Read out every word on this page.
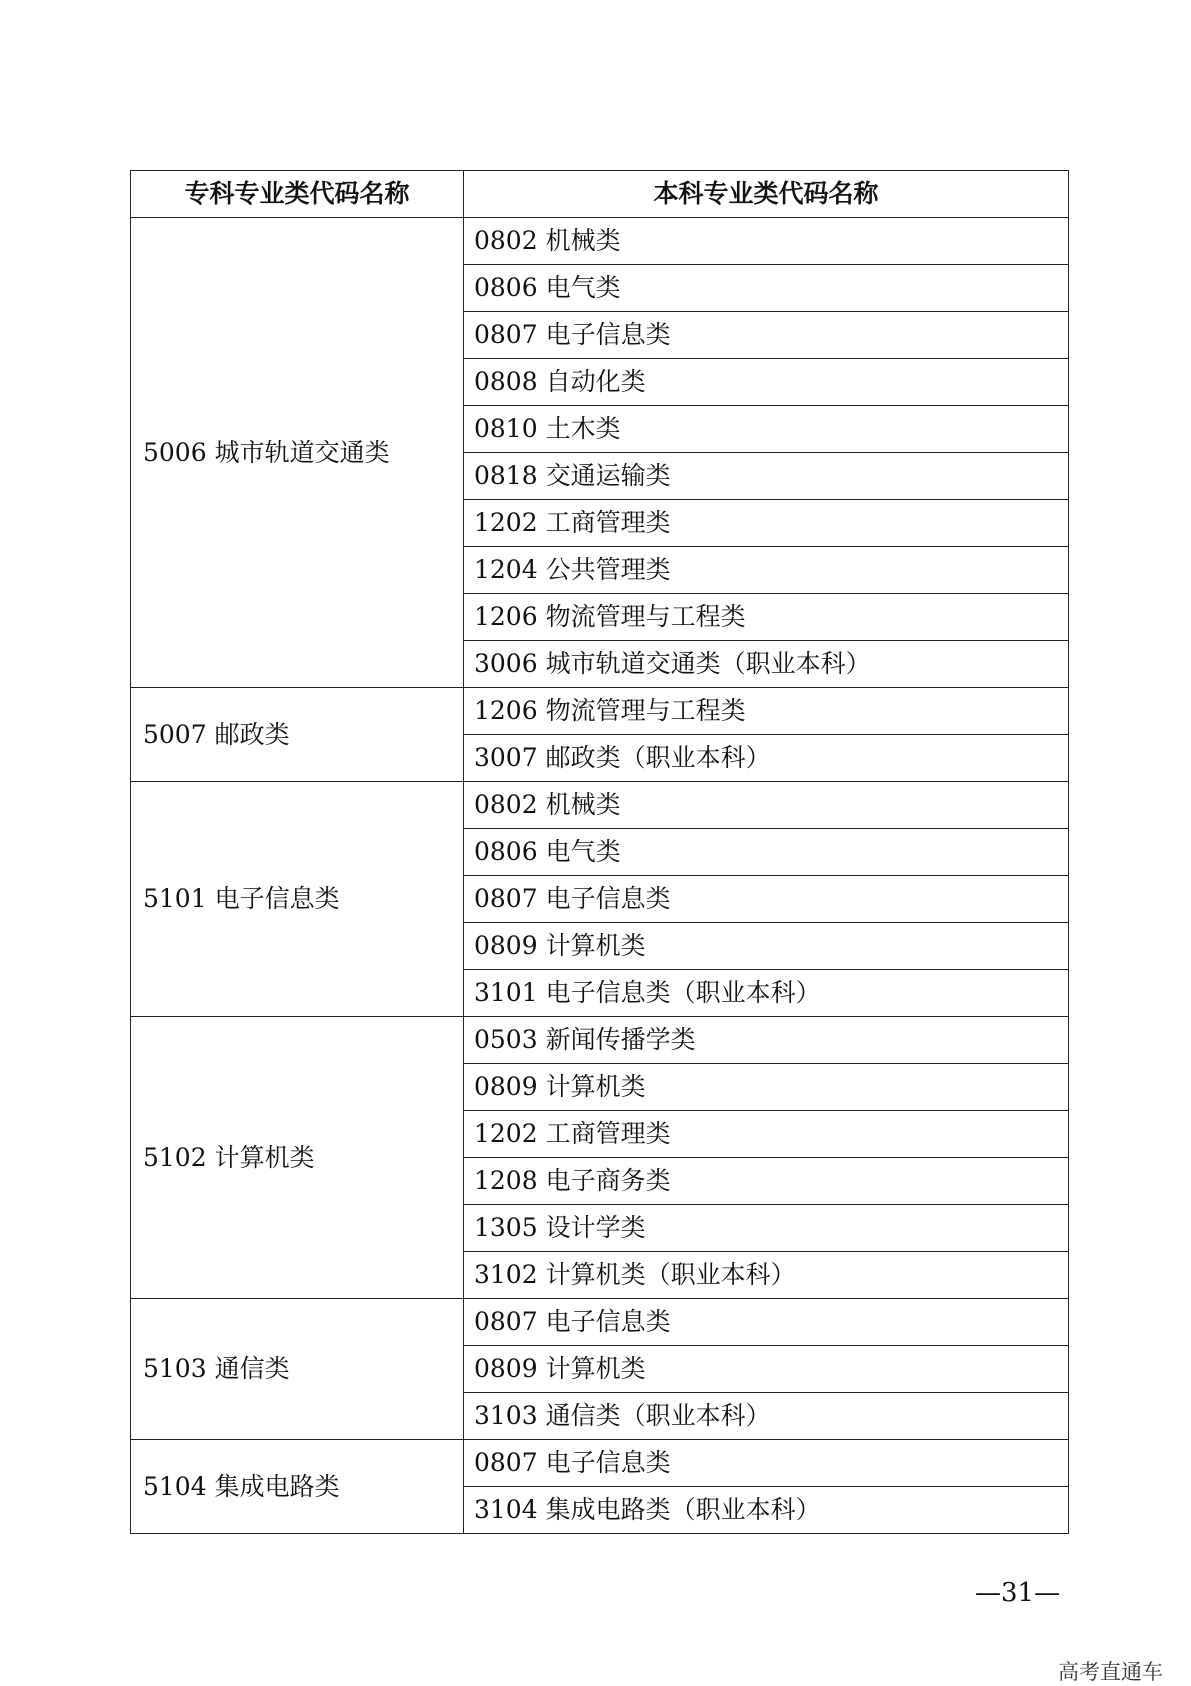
专科专业类代码名称	本科专业类代码名称
5006 城市轨道交通类	0802 机械类
	0806 电气类
	0807 电子信息类
	0808 自动化类
	0810 土木类
	0818 交通运输类
	1202 工商管理类
	1204 公共管理类
	1206 物流管理与工程类
	3006 城市轨道交通类（职业本科）
5007 邮政类	1206 物流管理与工程类
	3007 邮政类（职业本科）
5101 电子信息类	0802 机械类
	0806 电气类
	0807 电子信息类
	0809 计算机类
	3101 电子信息类（职业本科）
5102 计算机类	0503 新闻传播学类
	0809 计算机类
	1202 工商管理类
	1208 电子商务类
	1305 设计学类
	3102 计算机类（职业本科）
5103 通信类	0807 电子信息类
	0809 计算机类
	3103 通信类（职业本科）
5104 集成电路类	0807 电子信息类
	3104 集成电路类（职业本科）
—31—
高考直通车
